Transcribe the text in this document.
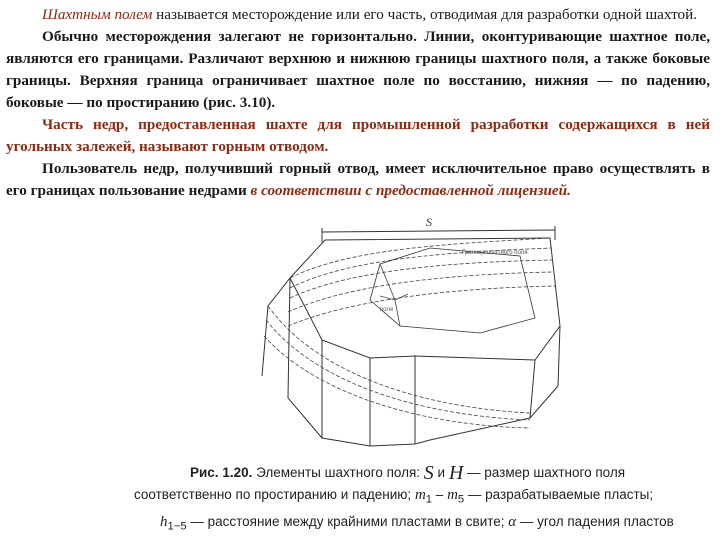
Шахтным полем называется месторождение или его часть, отводимая для разработки одной шахтой.

Обычно месторождения залегают не горизонтально. Линии, оконтуривающие шахтное поле, являются его границами. Различают верхнюю и нижнюю границы шахтного поля, а также боковые границы. Верхняя граница ограничивает шахтное поле по восстанию, нижняя — по падению, боковые — по простиранию (рис. 3.10).

Часть недр, предоставленная шахте для промышленной разработки содержащихся в ней угольных залежей, называют горным отводом.

Пользователь недр, получивший горный отвод, имеет исключительное право осуществлять в его границах пользование недрами в соответствии с предоставленной лицензией.

S
Граница шахтного поля
поле
Рис. 1.20. Элементы шахтного поля: S и H — размер шахтного поля
соответственно по простиранию и падению; $m_1 - m_5$ — разрабатываемые пласты;
$h_{1-5}$ — расстояние между крайними пластами в свите; α — угол падения пластов
